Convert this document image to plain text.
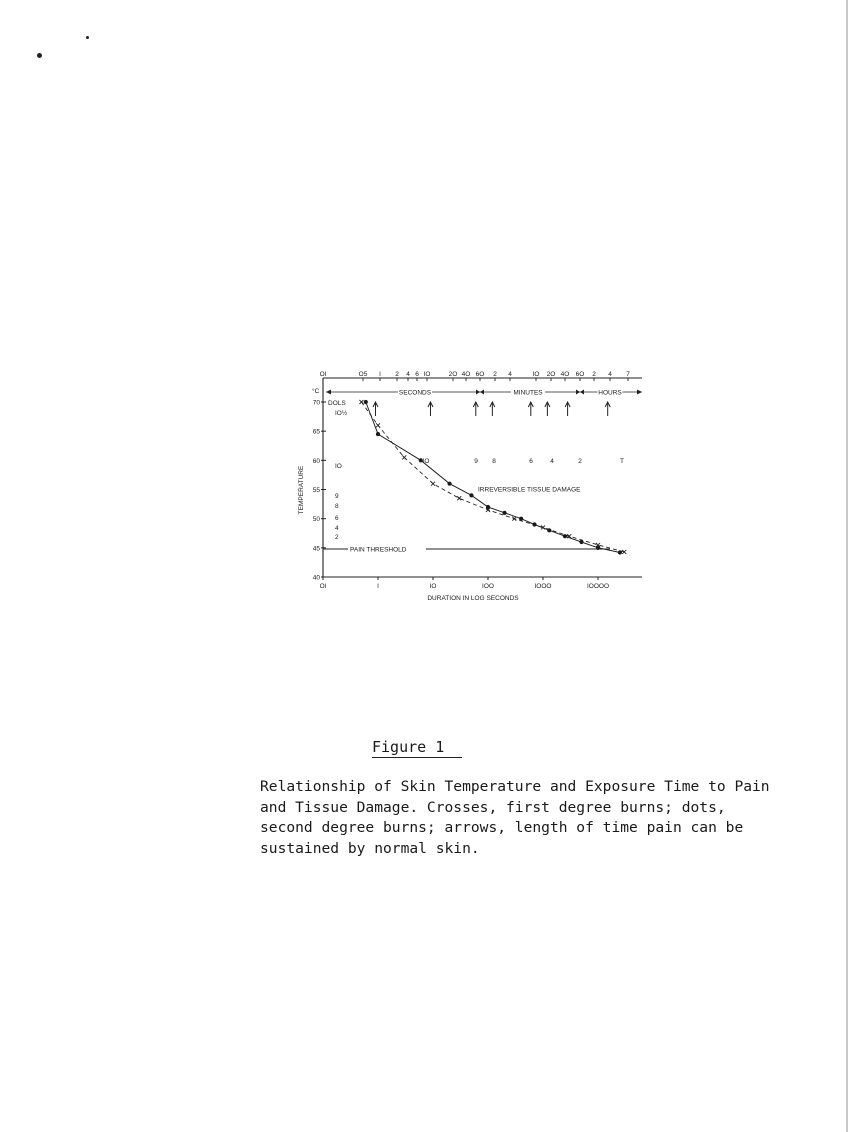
40
45
50
55
60
65
70
OI	I	IO	IOO	IOOO	IOOOO
DURATION IN LOG SECONDS
TEMPERATURE
°C
OI	O5 I 2 4 6 IO	2O 4O 6O 2 4	IO 2O 4O 6O 2 4 7
SECONDS	MINUTES	HOURS
PAIN THRESHOLD
DOLS
IO½
IO
9
8
6
4
2
IO	9 8	6	4	2	T
IRREVERSIBLE TISSUE DAMAGE
Figure 1
Relationship of Skin Temperature and Exposure Time to Pain
and Tissue Damage. Crosses, first degree burns; dots,
second degree burns; arrows, length of time pain can be
sustained by normal skin.
